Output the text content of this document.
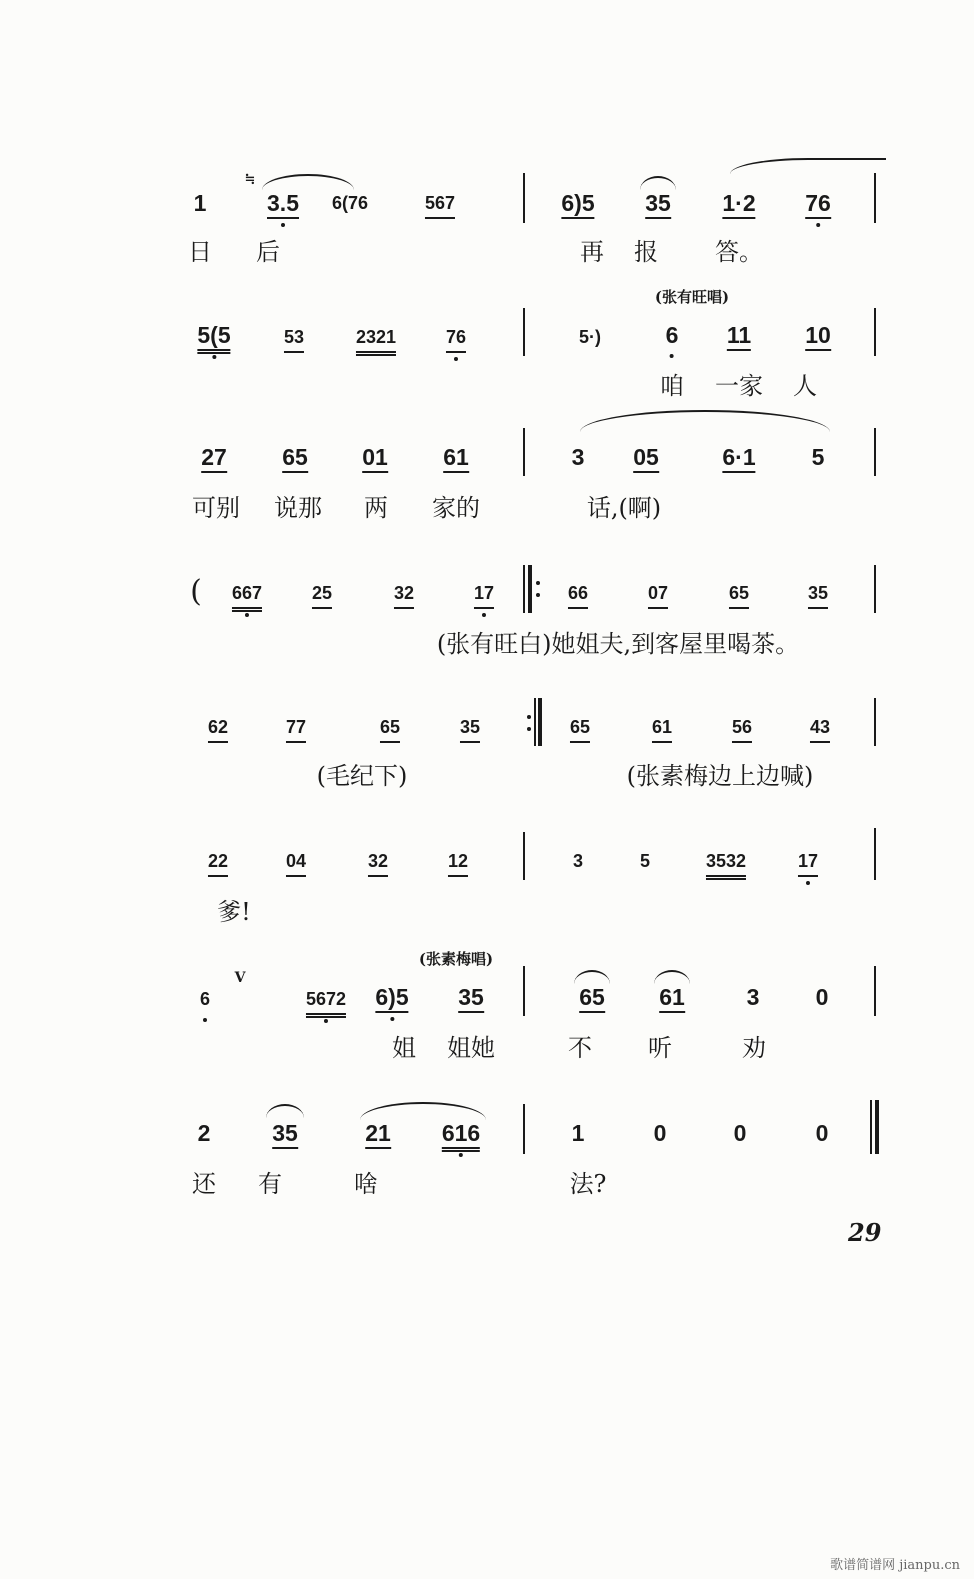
1
≒
3.5 6(76	567	6)5 35 1·2 76
日 后	再 报 答。
(张有旺唱)
5(5	53	2321	76	5·)	6 11 10
咱 一家 人
27 65 01 61	3 05	6·1 5
可别 说那 两 家的	话,(啊)
( 667	25	32	17	66	07	65	35
(张有旺白)她姐夫,到客屋里喝茶。
62	77	65	35	65	61	56	43
(毛纪下)	(张素梅边上边喊)
22	04	32	12	3	5	3532	17
爹!
(张素梅唱)
6
V
5672 6)5 35	65 61	3 0
姐 姐她	不 听	劝
2	35	21 616	1	0	0	0
还 有	啥	法?
29
歌谱简谱网 jianpu.cn
